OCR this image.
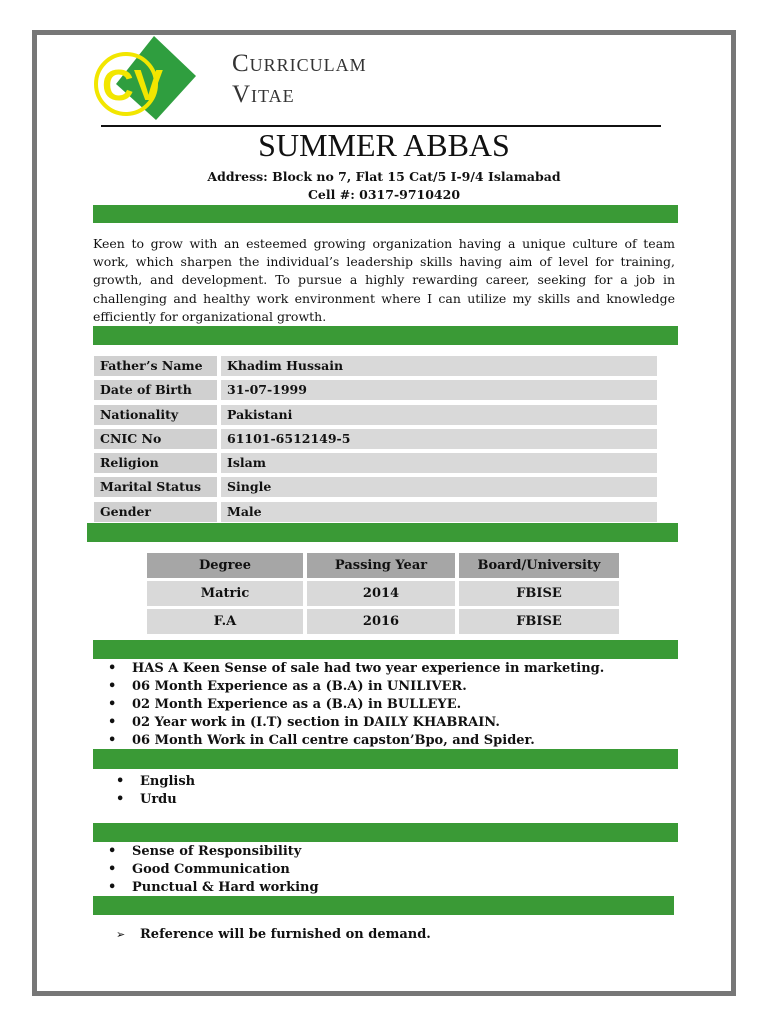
CV	Curriculam
Vitae
SUMMER ABBAS
Address: Block no 7, Flat 15 Cat/5 I-9/4 Islamabad
Cell #: 0317-9710420
Keen to grow with an esteemed growing organization having a unique culture of team work, which sharpen the individual’s leadership skills having aim of level for training, growth, and development. To pursue a highly rewarding career, seeking for a job in challenging and healthy work environment where I can utilize my skills and knowledge efficiently for organizational growth.
Father’s Name	Khadim Hussain
Date of Birth	31-07-1999
Nationality	Pakistani
CNIC No	61101-6512149-5
Religion	Islam
Marital Status	Single
Gender	Male
Degree	Passing Year	Board/University
Matric	2014	FBISE
F.A	2016	FBISE
• HAS A Keen Sense of sale had two year experience in marketing.
• 06 Month Experience as a (B.A) in UNILIVER.
• 02 Month Experience as a (B.A) in BULLEYE.
• 02 Year work in (I.T) section in DAILY KHABRAIN.
• 06 Month Work in Call centre capston’Bpo, and Spider.
• English
• Urdu
• Sense of Responsibility
• Good Communication
• Punctual & Hard working
➢ Reference will be furnished on demand.
